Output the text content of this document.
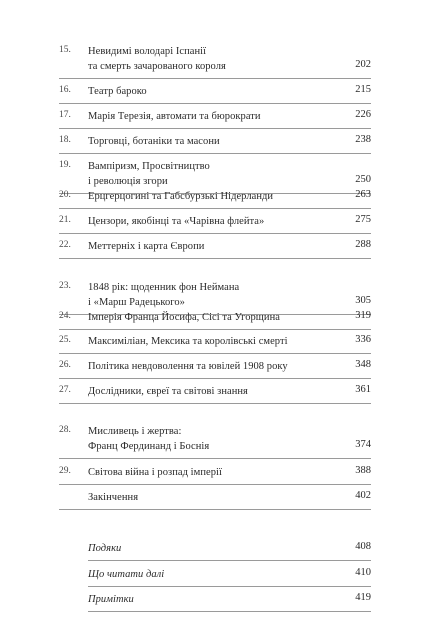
15.	Невидимі володарі Іспанії
та смерть зачарованого короля	202
16.	Театр бароко	215
17.	Марія Терезія, автомати та бюрократи	226
18.	Торговці, ботаніки та масони	238
19.	Вампіризм, Просвітництво
і революція згори	250
20.	Ерцгерцогині та Габсбурзькі Нідерланди	263
21.	Цензори, якобінці та «Чарівна флейта»	275
22.	Меттерніх і карта Європи	288
23.	1848 рік: щоденник фон Неймана
і «Марш Радецького»	305
24.	Імперія Франца Йосифа, Сісі та Угорщина	319
25.	Максиміліан, Мексика та королівські смерті	336
26.	Політика невдоволення та ювілей 1908 року	348
27.	Дослідники, євреї та світові знання	361
28.	Мисливець і жертва:
Франц Фердинанд і Боснія	374
29.	Світова війна і розпад імперії	388
Закінчення	402
Подяки	408
Що читати далі	410
Примітки	419
